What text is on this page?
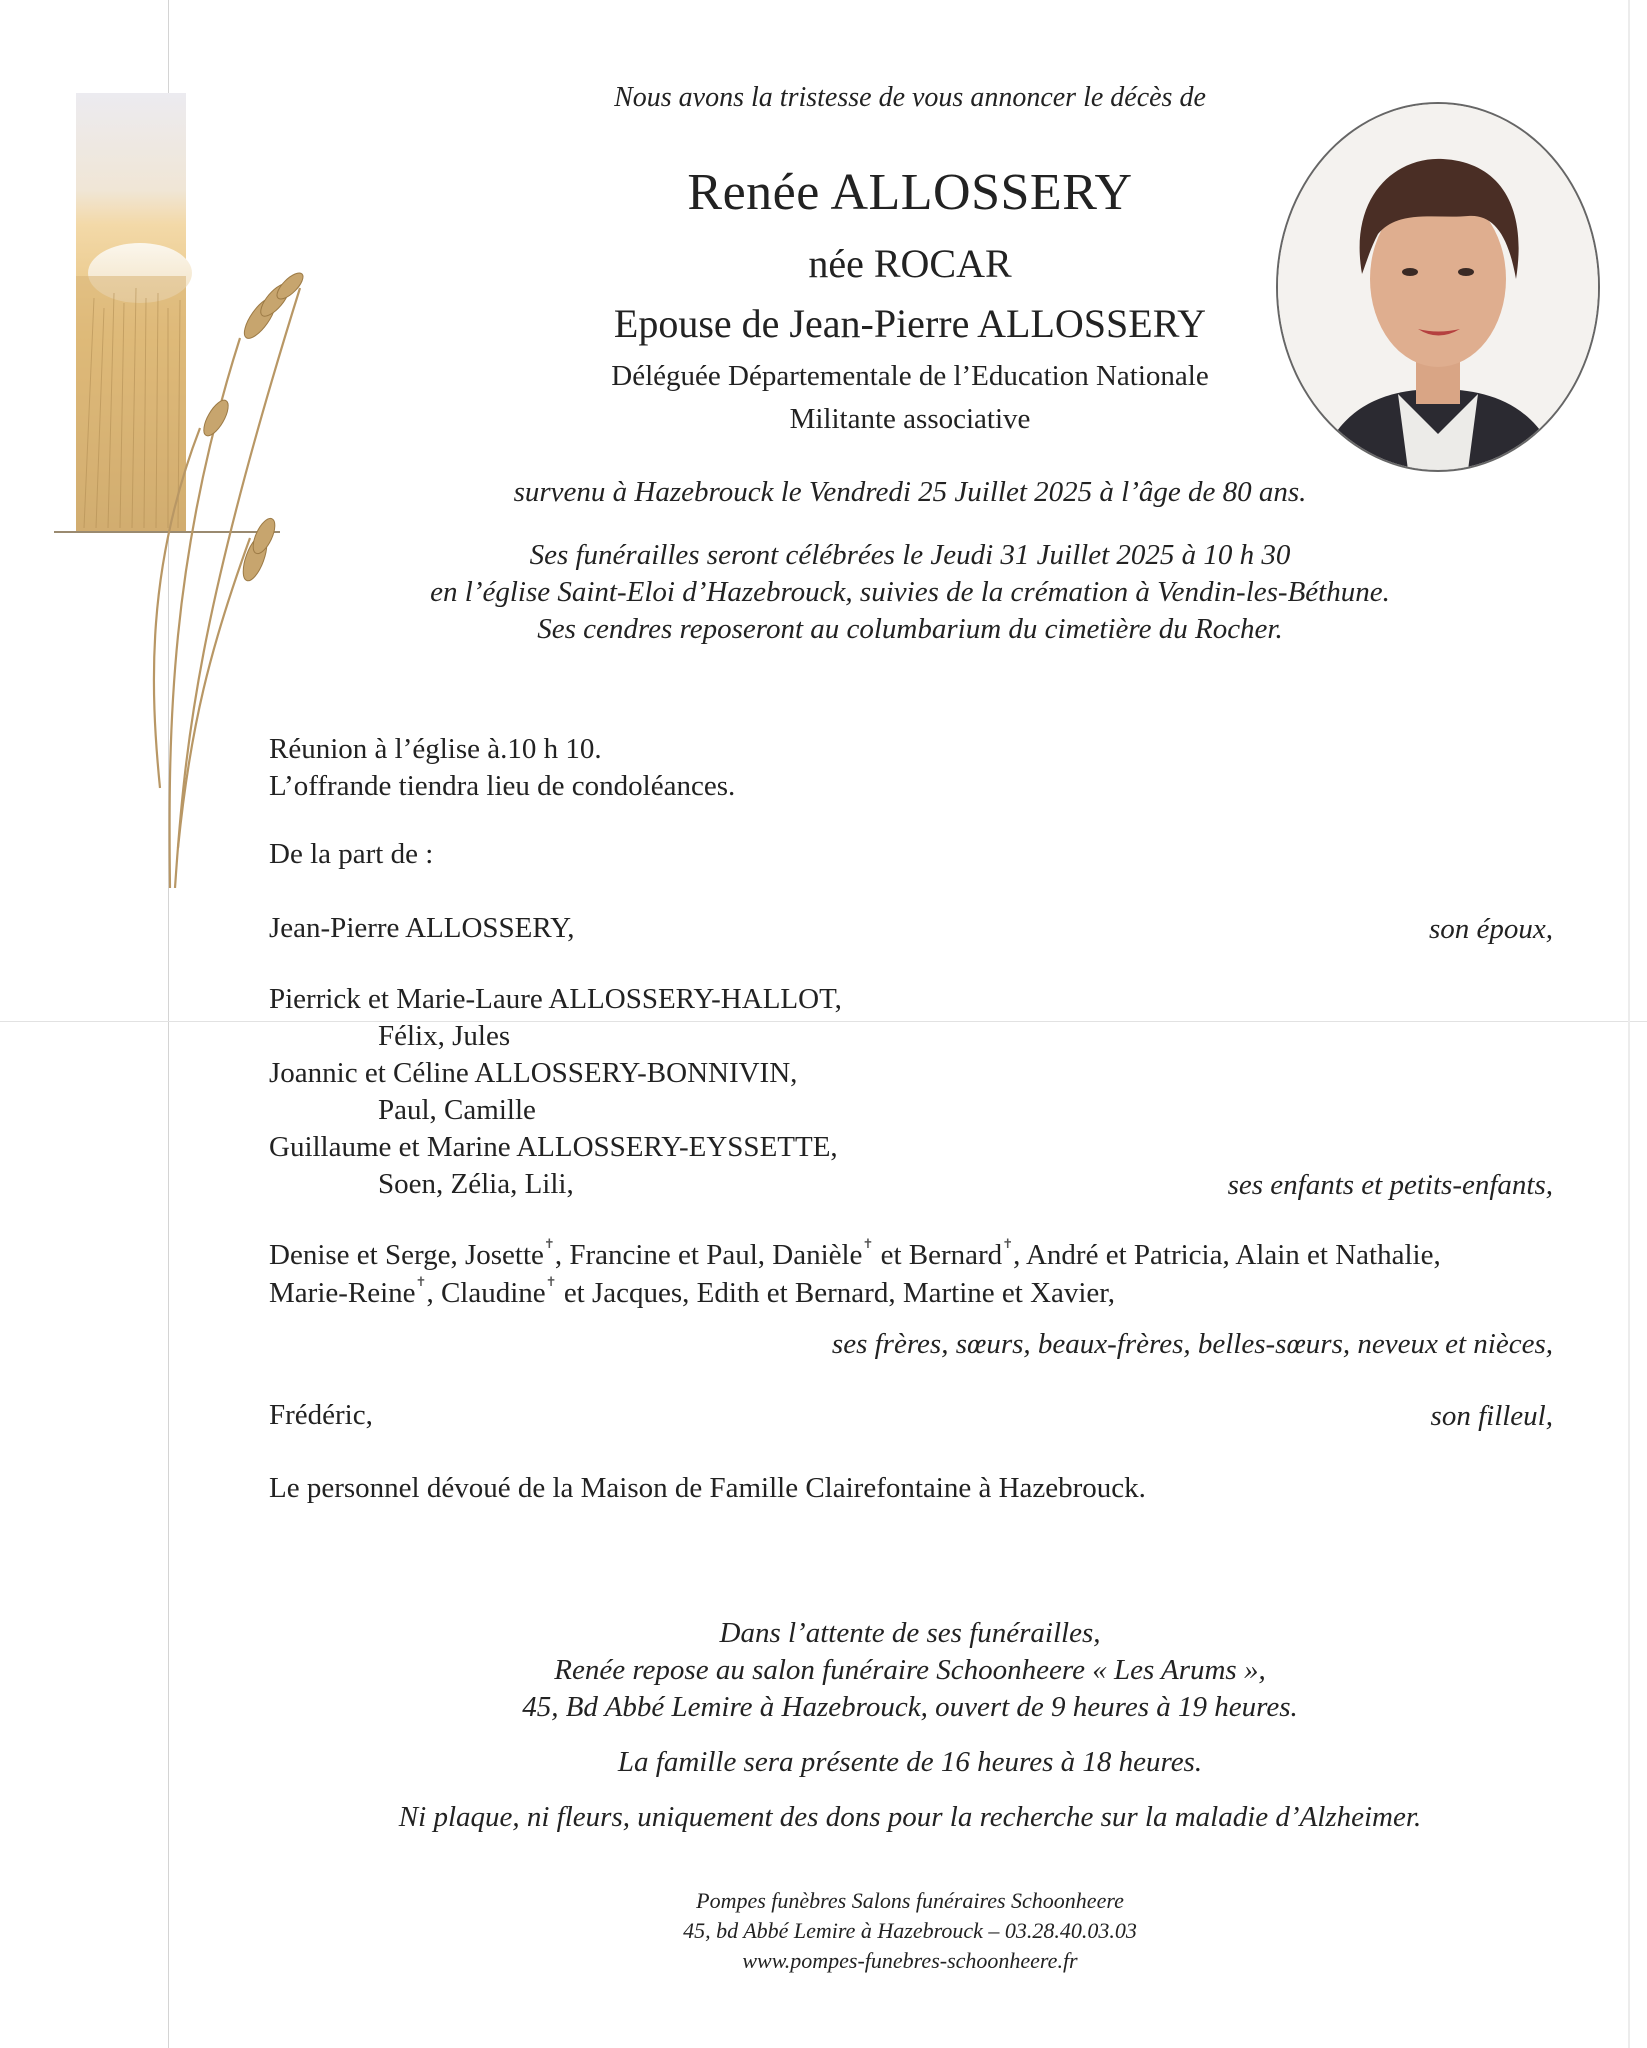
Nous avons la tristesse de vous annoncer le décès de
Renée ALLOSSERY
née ROCAR
Epouse de Jean-Pierre ALLOSSERY
Déléguée Départementale de l’Education Nationale
Militante associative
survenu à Hazebrouck le Vendredi 25 Juillet 2025 à l’âge de 80 ans.
Ses funérailles seront célébrées le Jeudi 31 Juillet 2025 à 10 h 30
en l’église Saint-Eloi d’Hazebrouck, suivies de la crémation à Vendin-les-Béthune.
Ses cendres reposeront au columbarium du cimetière du Rocher.
Réunion à l’église à.10 h 10.
L’offrande tiendra lieu de condoléances.
De la part de :
Jean-Pierre ALLOSSERY,	son époux,
Pierrick et Marie-Laure ALLOSSERY-HALLOT,
Félix, Jules
Joannic et Céline ALLOSSERY-BONNIVIN,
Paul, Camille
Guillaume et Marine ALLOSSERY-EYSSETTE,
Soen, Zélia, Lili,	ses enfants et petits-enfants,
Denise et Serge, Josette✝, Francine et Paul, Danièle✝ et Bernard✝, André et Patricia, Alain et Nathalie,
Marie-Reine✝, Claudine✝ et Jacques, Edith et Bernard, Martine et Xavier,
ses frères, sœurs, beaux-frères, belles-sœurs, neveux et nièces,
Frédéric,	son filleul,
Le personnel dévoué de la Maison de Famille Clairefontaine à Hazebrouck.
Dans l’attente de ses funérailles,
Renée repose au salon funéraire Schoonheere « Les Arums »,
45, Bd Abbé Lemire à Hazebrouck, ouvert de 9 heures à 19 heures.
La famille sera présente de 16 heures à 18 heures.
Ni plaque, ni fleurs, uniquement des dons pour la recherche sur la maladie d’Alzheimer.
Pompes funèbres Salons funéraires Schoonheere
45, bd Abbé Lemire à Hazebrouck – 03.28.40.03.03
www.pompes-funebres-schoonheere.fr
